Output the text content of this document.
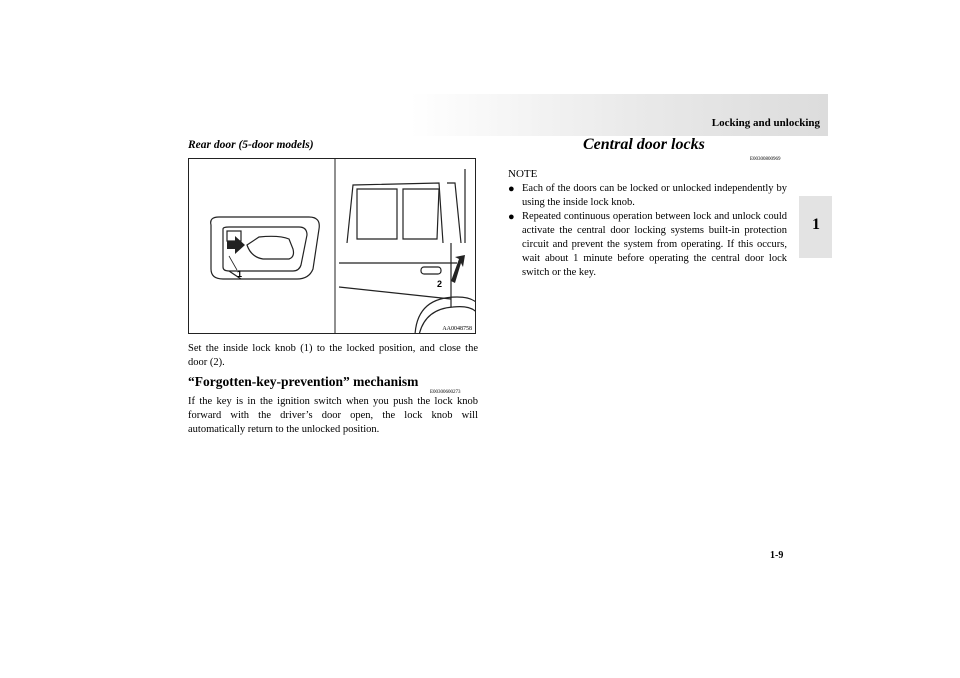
Locking and unlocking
1
Rear door (5-door models)
1
2
AA0048758
Set the inside lock knob (1) to the locked position, and close the door (2).
“Forgotten-key-prevention” mechanism
E00300600273
If the key is in the ignition switch when you push the lock knob forward with the driver’s door open, the lock knob will automatically return to the unlocked position.
Central door locks
E00300800969
NOTE
● Each of the doors can be locked or unlocked independently by using the inside lock knob.
● Repeated continuous operation between lock and unlock could activate the central door locking systems built-in protection circuit and prevent the system from operating. If this occurs, wait about 1 minute before operating the central door lock switch or the key.
1-9
